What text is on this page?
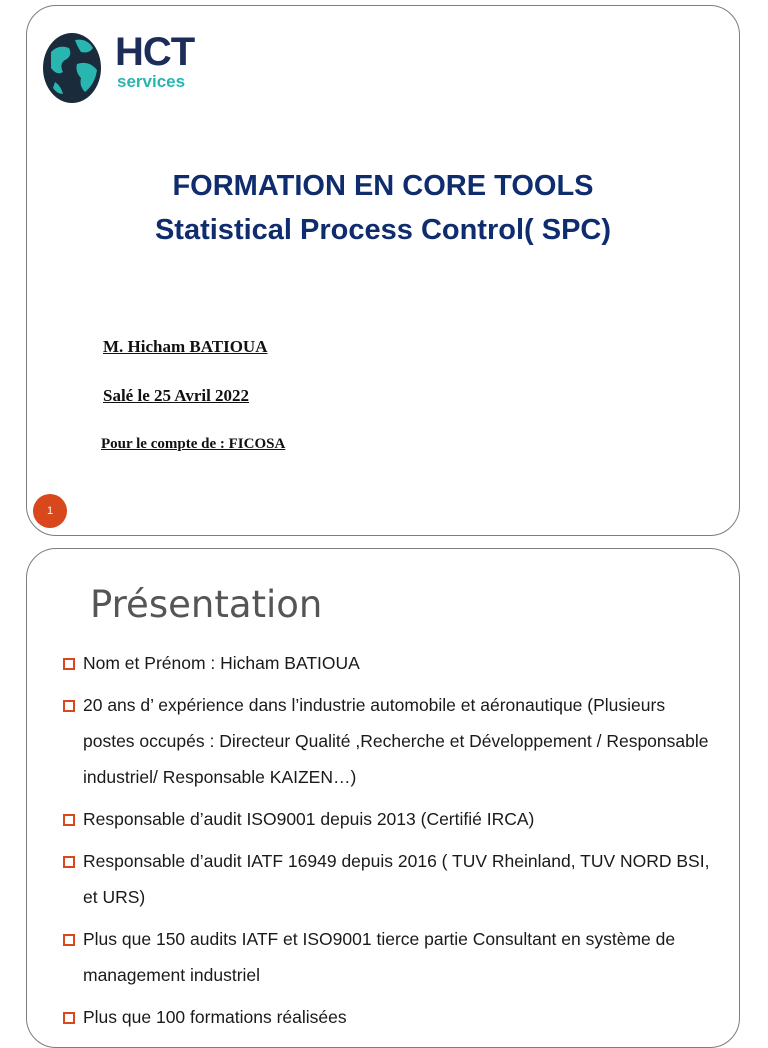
HCT
services
FORMATION EN CORE TOOLS
Statistical Process Control( SPC)
M. Hicham BATIOUA
Salé le 25 Avril 2022
Pour le compte de : FICOSA
1
Présentation
Nom et Prénom : Hicham BATIOUA
20 ans d’ expérience dans l’industrie automobile et aéronautique (Plusieurs postes occupés : Directeur Qualité ,Recherche et Développement / Responsable industriel/ Responsable KAIZEN…)
Responsable d’audit ISO9001 depuis 2013 (Certifié IRCA)
Responsable d’audit IATF 16949 depuis 2016 ( TUV Rheinland, TUV NORD BSI, et URS)
Plus que 150 audits IATF et ISO9001 tierce partie Consultant en système de management industriel
Plus que 100 formations réalisées
